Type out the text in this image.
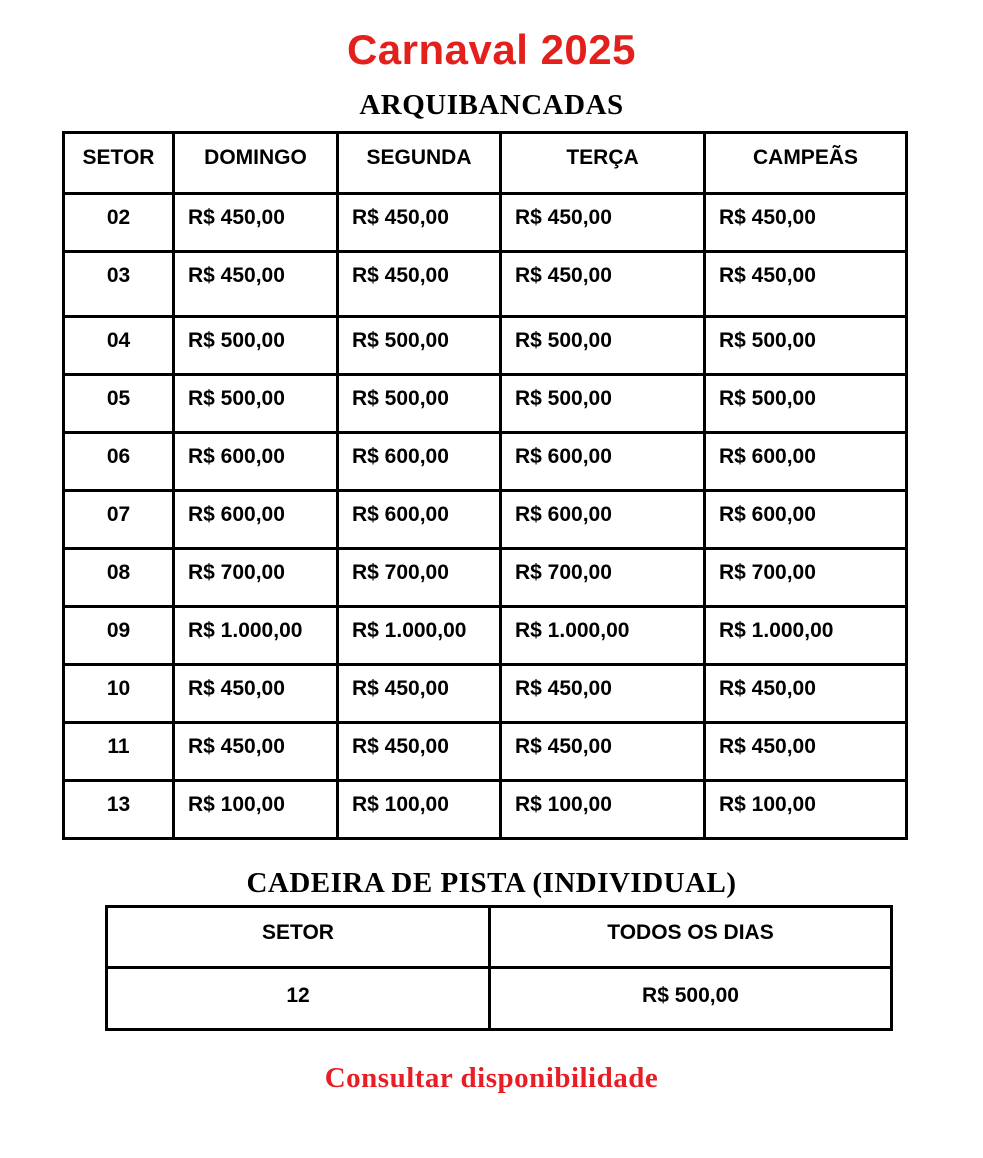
Carnaval 2025
ARQUIBANCADAS
SETOR	DOMINGO	SEGUNDA	TERÇA	CAMPEÃS
02	R$ 450,00	R$ 450,00	R$ 450,00	R$ 450,00
03	R$ 450,00	R$ 450,00	R$ 450,00	R$ 450,00
04	R$ 500,00	R$ 500,00	R$ 500,00	R$ 500,00
05	R$ 500,00	R$ 500,00	R$ 500,00	R$ 500,00
06	R$ 600,00	R$ 600,00	R$ 600,00	R$ 600,00
07	R$ 600,00	R$ 600,00	R$ 600,00	R$ 600,00
08	R$ 700,00	R$ 700,00	R$ 700,00	R$ 700,00
09	R$ 1.000,00	R$ 1.000,00	R$ 1.000,00	R$ 1.000,00
10	R$ 450,00	R$ 450,00	R$ 450,00	R$ 450,00
11	R$ 450,00	R$ 450,00	R$ 450,00	R$ 450,00
13	R$ 100,00	R$ 100,00	R$ 100,00	R$ 100,00
CADEIRA DE PISTA (INDIVIDUAL)
SETOR	TODOS OS DIAS
12	R$ 500,00
Consultar disponibilidade
